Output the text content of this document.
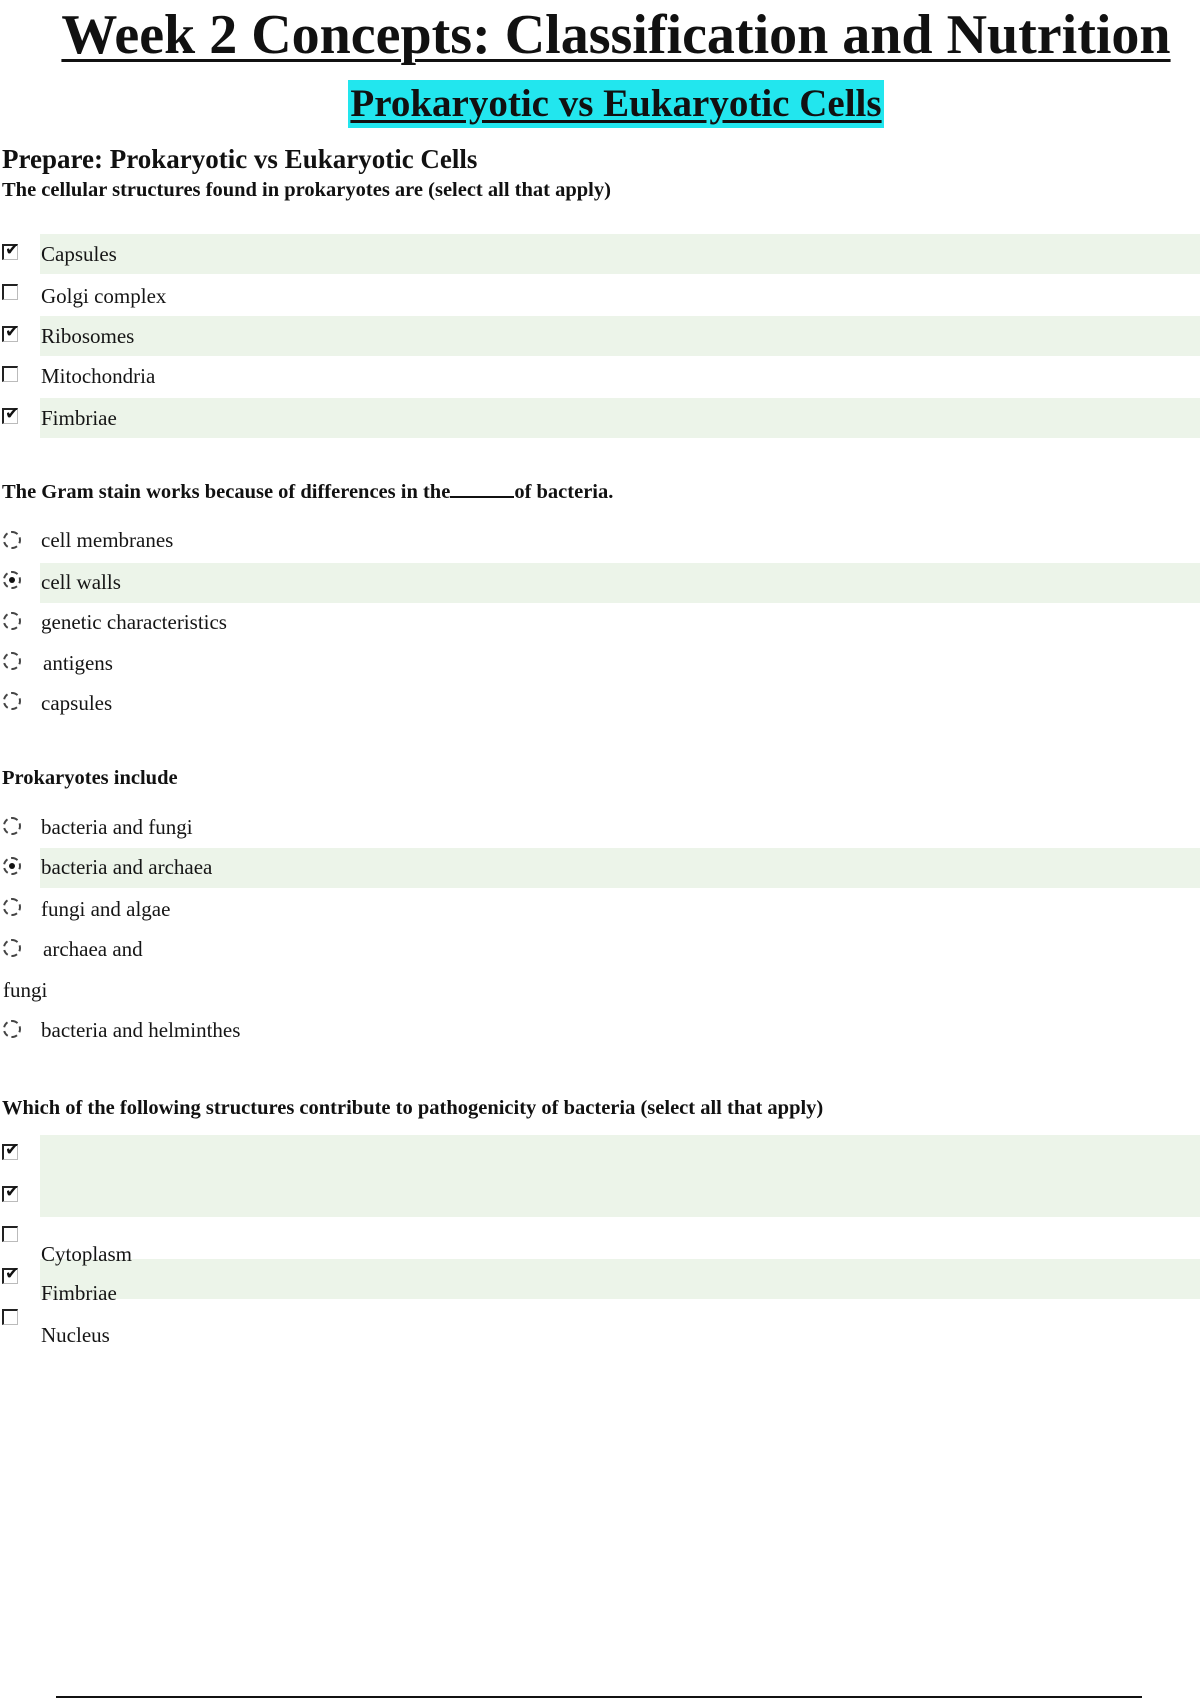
Week 2 Concepts: Classification and Nutrition
Prokaryotic vs Eukaryotic Cells
Prepare: Prokaryotic vs Eukaryotic Cells
The cellular structures found in prokaryotes are (select all that apply)
✔ Capsules
Golgi complex
✔ Ribosomes
Mitochondria
✔ Fimbriae
The Gram stain works because of differences in the	of bacteria.
cell membranes
cell walls
genetic characteristics
antigens
capsules
Prokaryotes include
bacteria and fungi
bacteria and archaea
fungi and algae
archaea and
fungi
bacteria and helminthes
Which of the following structures contribute to pathogenicity of bacteria (select all that apply)
✔
✔
Cytoplasm
✔
Fimbriae
Nucleus
